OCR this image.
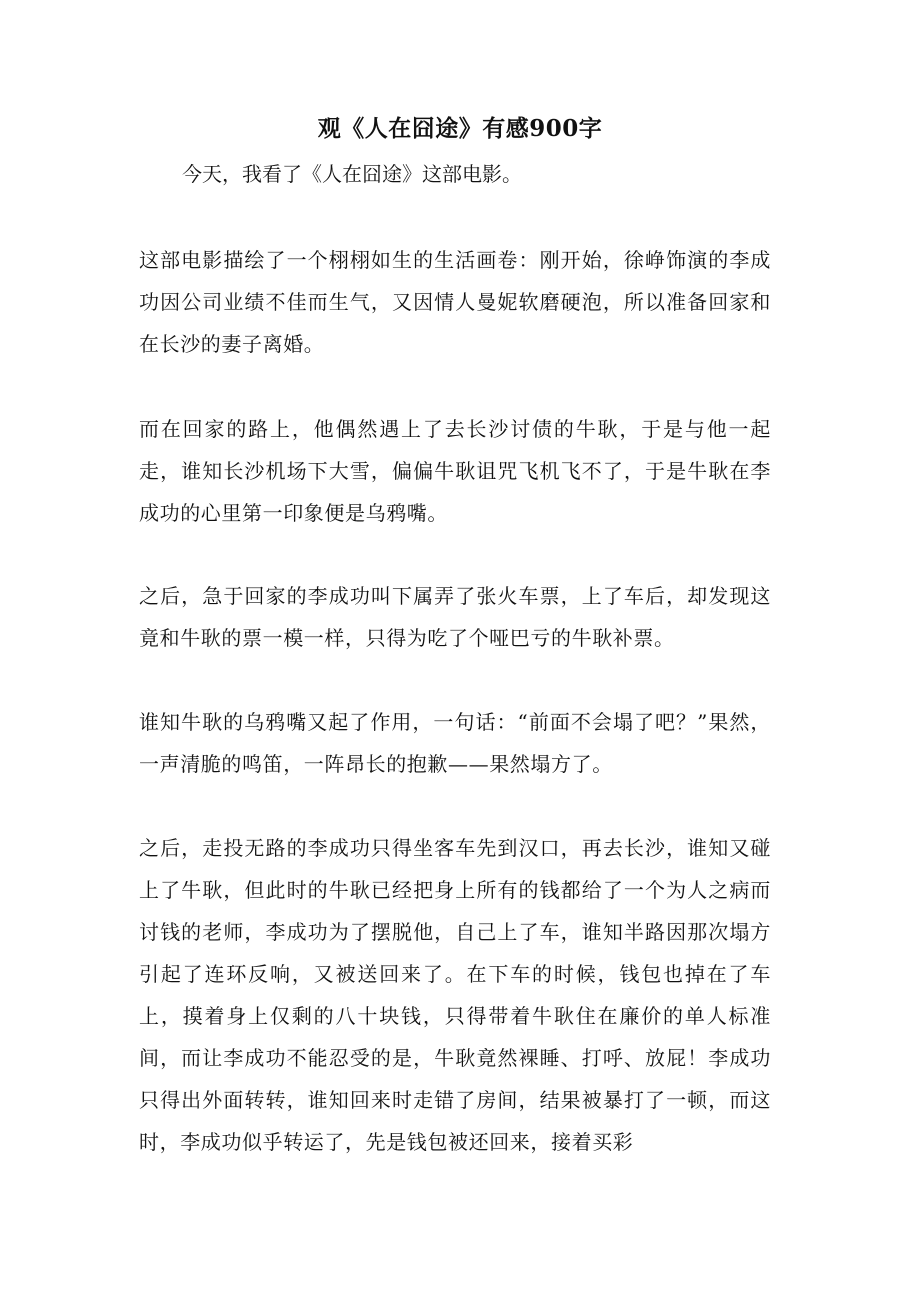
观《人在囧途》有感900字

今天，我看了《人在囧途》这部电影。

这部电影描绘了一个栩栩如生的生活画卷：刚开始，徐峥饰演的李成功因公司业绩不佳而生气，又因情人曼妮软磨硬泡，所以准备回家和在长沙的妻子离婚。

而在回家的路上，他偶然遇上了去长沙讨债的牛耿，于是与他一起走，谁知长沙机场下大雪，偏偏牛耿诅咒飞机飞不了，于是牛耿在李成功的心里第一印象便是乌鸦嘴。

之后，急于回家的李成功叫下属弄了张火车票，上了车后，却发现这竟和牛耿的票一模一样，只得为吃了个哑巴亏的牛耿补票。

谁知牛耿的乌鸦嘴又起了作用，一句话：“前面不会塌了吧？”果然，一声清脆的鸣笛，一阵昂长的抱歉——果然塌方了。

之后，走投无路的李成功只得坐客车先到汉口，再去长沙，谁知又碰上了牛耿，但此时的牛耿已经把身上所有的钱都给了一个为人之病而讨钱的老师，李成功为了摆脱他，自己上了车，谁知半路因那次塌方引起了连环反响，又被送回来了。在下车的时候，钱包也掉在了车上，摸着身上仅剩的八十块钱，只得带着牛耿住在廉价的单人标准间，而让李成功不能忍受的是，牛耿竟然裸睡、打呼、放屁！李成功只得出外面转转，谁知回来时走错了房间，结果被暴打了一顿，而这时，李成功似乎转运了，先是钱包被还回来，接着买彩
